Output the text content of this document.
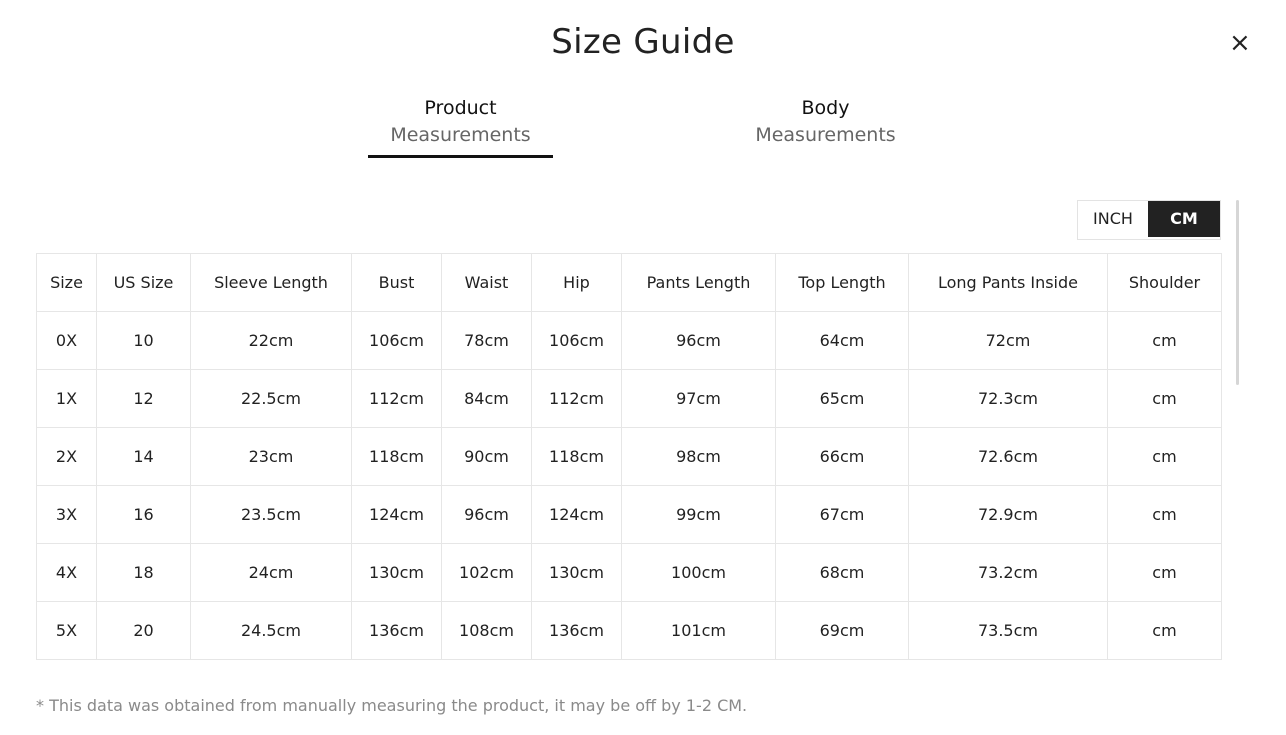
Size Guide	×
Product
Measurements
Body
Measurements
INCH	CM
Size	US Size	Sleeve Length	Bust	Waist	Hip	Pants Length	Top Length	Long Pants Inside	Shoulder
0X	10	22cm	106cm	78cm	106cm	96cm	64cm	72cm	cm
1X	12	22.5cm	112cm	84cm	112cm	97cm	65cm	72.3cm	cm
2X	14	23cm	118cm	90cm	118cm	98cm	66cm	72.6cm	cm
3X	16	23.5cm	124cm	96cm	124cm	99cm	67cm	72.9cm	cm
4X	18	24cm	130cm	102cm	130cm	100cm	68cm	73.2cm	cm
5X	20	24.5cm	136cm	108cm	136cm	101cm	69cm	73.5cm	cm
* This data was obtained from manually measuring the product, it may be off by 1-2 CM.
